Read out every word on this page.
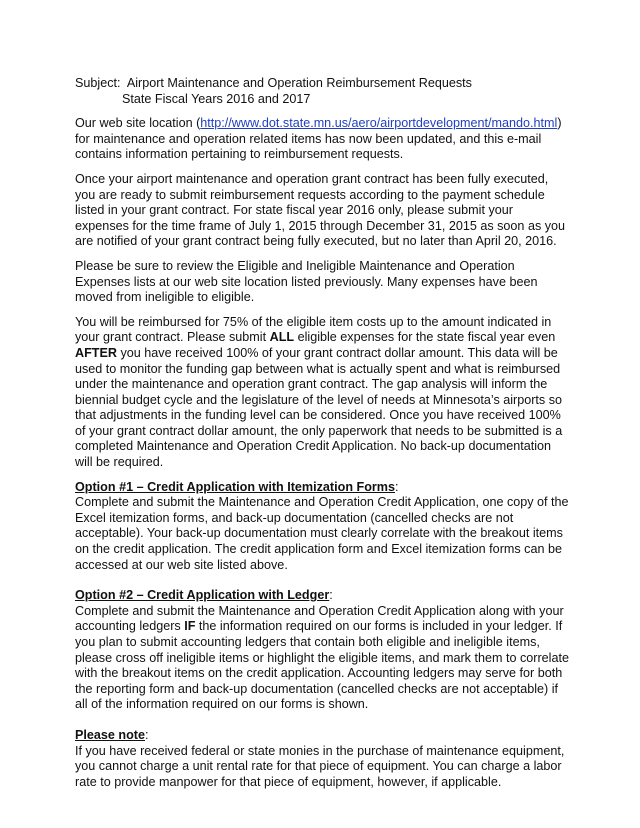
Subject: Airport Maintenance and Operation Reimbursement Requests
State Fiscal Years 2016 and 2017

Our web site location (http://www.dot.state.mn.us/aero/airportdevelopment/mando.html) for maintenance and operation related items has now been updated, and this e-mail contains information pertaining to reimbursement requests.

Once your airport maintenance and operation grant contract has been fully executed, you are ready to submit reimbursement requests according to the payment schedule listed in your grant contract. For state fiscal year 2016 only, please submit your expenses for the time frame of July 1, 2015 through December 31, 2015 as soon as you are notified of your grant contract being fully executed, but no later than April 20, 2016.

Please be sure to review the Eligible and Ineligible Maintenance and Operation Expenses lists at our web site location listed previously. Many expenses have been moved from ineligible to eligible.

You will be reimbursed for 75% of the eligible item costs up to the amount indicated in your grant contract. Please submit ALL eligible expenses for the state fiscal year even AFTER you have received 100% of your grant contract dollar amount. This data will be used to monitor the funding gap between what is actually spent and what is reimbursed under the maintenance and operation grant contract. The gap analysis will inform the biennial budget cycle and the legislature of the level of needs at Minnesota’s airports so that adjustments in the funding level can be considered. Once you have received 100% of your grant contract dollar amount, the only paperwork that needs to be submitted is a completed Maintenance and Operation Credit Application. No back-up documentation will be required.

Option #1 – Credit Application with Itemization Forms:
Complete and submit the Maintenance and Operation Credit Application, one copy of the Excel itemization forms, and back-up documentation (cancelled checks are not acceptable). Your back-up documentation must clearly correlate with the breakout items on the credit application. The credit application form and Excel itemization forms can be accessed at our web site listed above.
Option #2 – Credit Application with Ledger:
Complete and submit the Maintenance and Operation Credit Application along with your accounting ledgers IF the information required on our forms is included in your ledger. If you plan to submit accounting ledgers that contain both eligible and ineligible items, please cross off ineligible items or highlight the eligible items, and mark them to correlate with the breakout items on the credit application. Accounting ledgers may serve for both the reporting form and back-up documentation (cancelled checks are not acceptable) if all of the information required on our forms is shown.
Please note:
If you have received federal or state monies in the purchase of maintenance equipment, you cannot charge a unit rental rate for that piece of equipment. You can charge a labor rate to provide manpower for that piece of equipment, however, if applicable.
